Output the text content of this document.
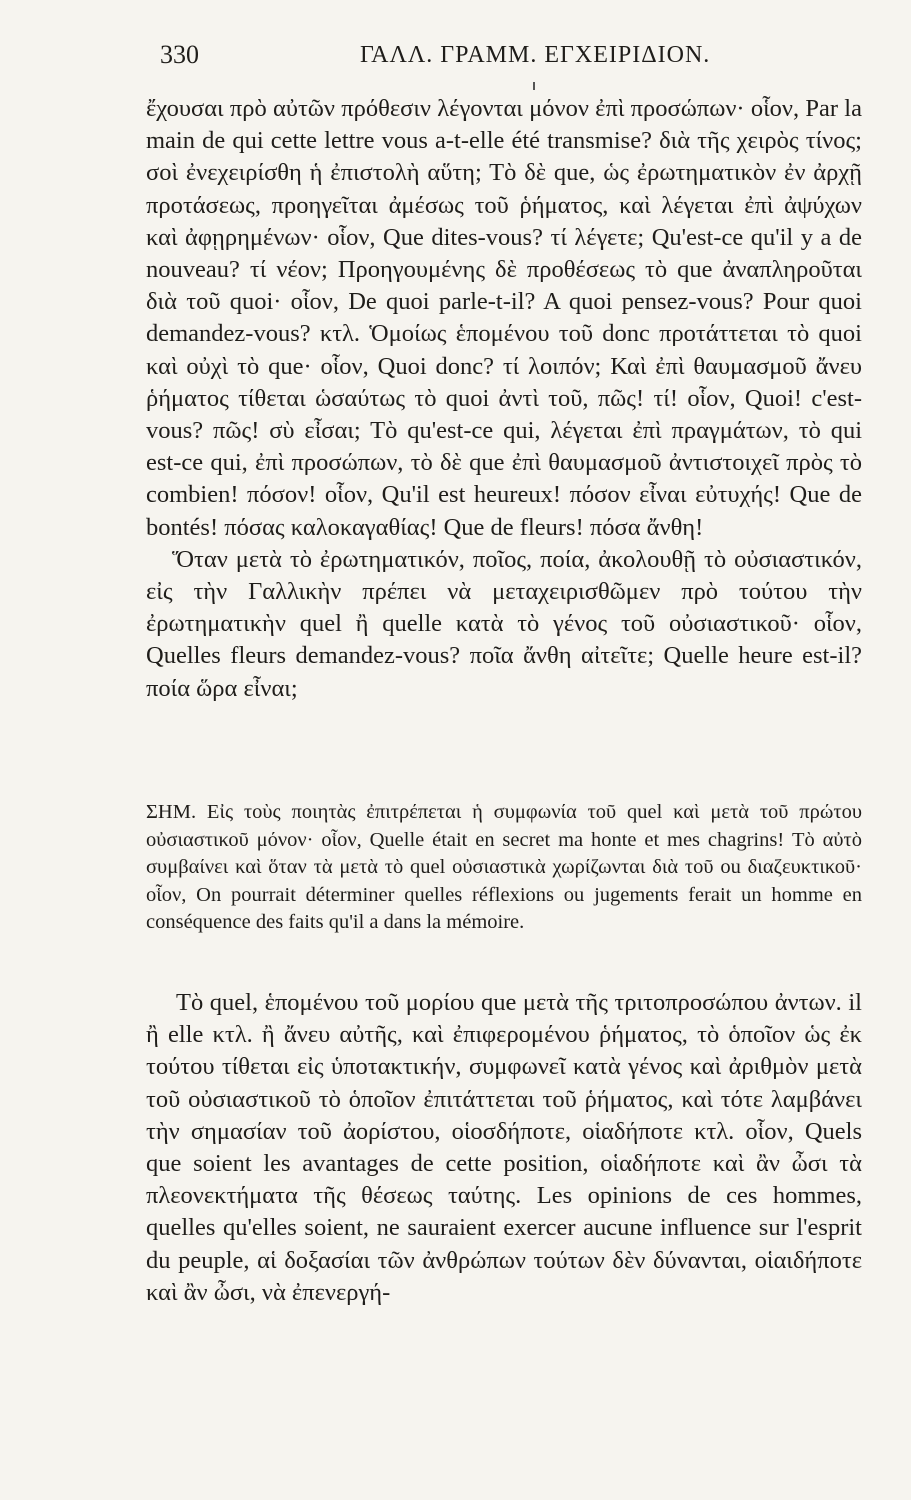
330	ΓΑΛΛ. ΓΡΑΜΜ. ΕΓΧΕΙΡΙΔΙΟΝ.

ἔχουσαι πρὸ αὐτῶν πρόθεσιν λέγονται μόνον ἐπὶ προσώπων· οἷον, Par la main de qui cette lettre vous a-t-elle été transmise? διὰ τῆς χειρὸς τίνος; σοὶ ἐνεχειρίσθη ἡ ἐπιστολὴ αὕτη; Τὸ δὲ que, ὡς ἐρωτηματικὸν ἐν ἀρχῇ προτάσεως, προηγεῖται ἀμέσως τοῦ ῥήματος, καὶ λέγεται ἐπὶ ἀψύχων καὶ ἀφῃρημένων· οἷον, Que dites-vous? τί λέγετε; Qu'est-ce qu'il y a de nouveau? τί νέον; Προηγουμένης δὲ προθέσεως τὸ que ἀναπληροῦται διὰ τοῦ quoi· οἷον, De quoi parle-t-il? A quoi pensez-vous? Pour quoi demandez-vous? κτλ. Ὁμοίως ἑπομένου τοῦ donc προτάττεται τὸ quoi καὶ οὐχὶ τὸ que· οἷον, Quoi donc? τί λοιπόν; Καὶ ἐπὶ θαυμασμοῦ ἄνευ ῥήματος τίθεται ὡσαύτως τὸ quoi ἀντὶ τοῦ, πῶς! τί! οἷον, Quoi! c'est-vous? πῶς! σὺ εἶσαι; Τὸ qu'est-ce qui, λέγεται ἐπὶ πραγμάτων, τὸ qui est-ce qui, ἐπὶ προσώπων, τὸ δὲ que ἐπὶ θαυμασμοῦ ἀντιστοιχεῖ πρὸς τὸ combien! πόσον! οἷον, Qu'il est heureux! πόσον εἶναι εὐτυχής! Que de bontés! πόσας καλοκαγαθίας! Que de fleurs! πόσα ἄνθη!

Ὅταν μετὰ τὸ ἐρωτηματικόν, ποῖος, ποία, ἀκολουθῇ τὸ οὐσιαστικόν, εἰς τὴν Γαλλικὴν πρέπει νὰ μεταχειρισθῶμεν πρὸ τούτου τὴν ἐρωτηματικὴν quel ἢ quelle κατὰ τὸ γένος τοῦ οὐσιαστικοῦ· οἷον, Quelles fleurs demandez-vous? ποῖα ἄνθη αἰτεῖτε; Quelle heure est-il? ποία ὥρα εἶναι;

ΣΗΜ. Εἰς τοὺς ποιητὰς ἐπιτρέπεται ἡ συμφωνία τοῦ quel καὶ μετὰ τοῦ πρώτου οὐσιαστικοῦ μόνον· οἷον, Quelle était en secret ma honte et mes chagrins! Τὸ αὐτὸ συμβαίνει καὶ ὅταν τὰ μετὰ τὸ quel οὐσιαστικὰ χωρίζωνται διὰ τοῦ ou διαζευκτικοῦ· οἷον, On pourrait déterminer quelles réflexions ou jugements ferait un homme en conséquence des faits qu'il a dans la mémoire.

Τὸ quel, ἑπομένου τοῦ μορίου que μετὰ τῆς τριτοπροσώπου ἀντων. il ἢ elle κτλ. ἢ ἄνευ αὐτῆς, καὶ ἐπιφερομένου ῥήματος, τὸ ὁποῖον ὡς ἐκ τούτου τίθεται εἰς ὑποτακτικήν, συμφωνεῖ κατὰ γένος καὶ ἀριθμὸν μετὰ τοῦ οὐσιαστικοῦ τὸ ὁποῖον ἐπιτάττεται τοῦ ῥήματος, καὶ τότε λαμβάνει τὴν σημασίαν τοῦ ἀορίστου, οἱοσδήποτε, οἱαδήποτε κτλ. οἷον, Quels que soient les avantages de cette position, οἱαδήποτε καὶ ἂν ὦσι τὰ πλεονεκτήματα τῆς θέσεως ταύτης. Les opinions de ces hommes, quelles qu'elles soient, ne sauraient exercer aucune influence sur l'esprit du peuple, αἱ δοξασίαι τῶν ἀνθρώπων τούτων δὲν δύνανται, οἱαιδήποτε καὶ ἂν ὦσι, νὰ ἐπενεργή-
